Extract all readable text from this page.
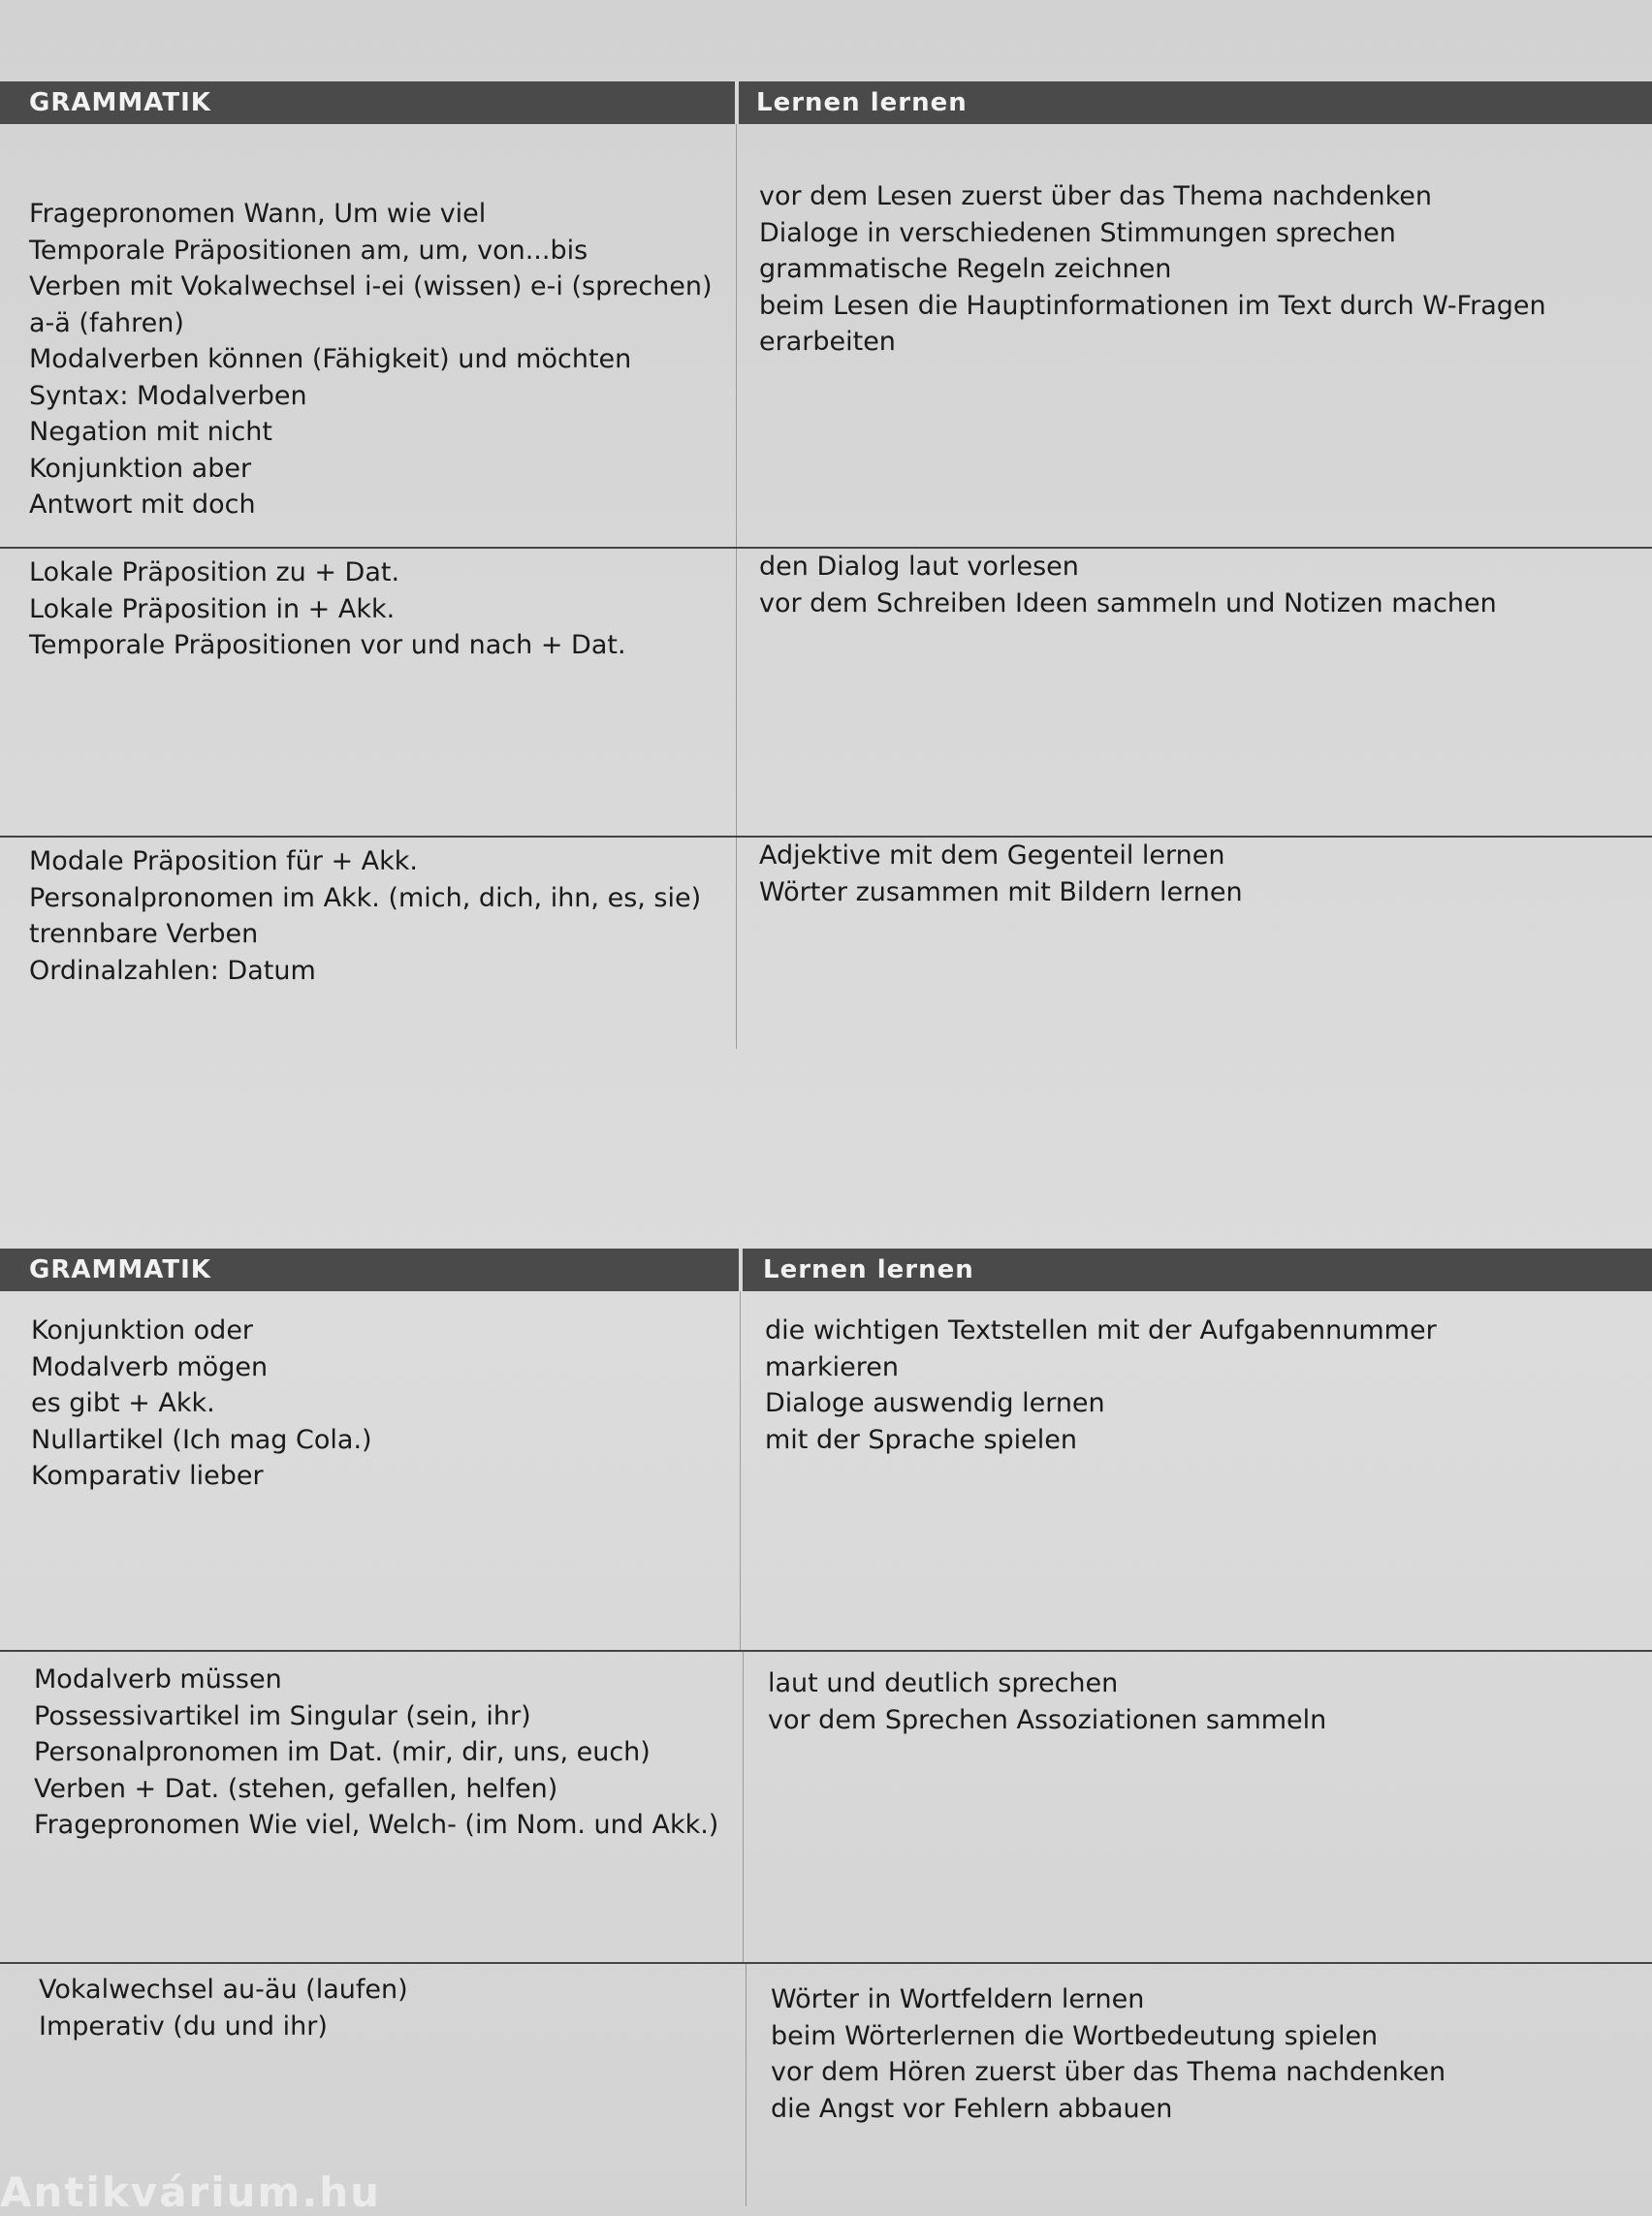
GRAMMATIK	Lernen lernen
Fragepronomen Wann, Um wie viel
Temporale Präpositionen am, um, von...bis
Verben mit Vokalwechsel i-ei (wissen) e-i (sprechen)
a-ä (fahren)
Modalverben können (Fähigkeit) und möchten
Syntax: Modalverben
Negation mit nicht
Konjunktion aber
Antwort mit doch
vor dem Lesen zuerst über das Thema nachdenken
Dialoge in verschiedenen Stimmungen sprechen
grammatische Regeln zeichnen
beim Lesen die Hauptinformationen im Text durch W-Fragen
erarbeiten
Lokale Präposition zu + Dat.
Lokale Präposition in + Akk.
Temporale Präpositionen vor und nach + Dat.
den Dialog laut vorlesen
vor dem Schreiben Ideen sammeln und Notizen machen
Modale Präposition für + Akk.
Personalpronomen im Akk. (mich, dich, ihn, es, sie)
trennbare Verben
Ordinalzahlen: Datum
Adjektive mit dem Gegenteil lernen
Wörter zusammen mit Bildern lernen
GRAMMATIK	Lernen lernen
Konjunktion oder
Modalverb mögen
es gibt + Akk.
Nullartikel (Ich mag Cola.)
Komparativ lieber
die wichtigen Textstellen mit der Aufgabennummer
markieren
Dialoge auswendig lernen
mit der Sprache spielen
Modalverb müssen
Possessivartikel im Singular (sein, ihr)
Personalpronomen im Dat. (mir, dir, uns, euch)
Verben + Dat. (stehen, gefallen, helfen)
Fragepronomen Wie viel, Welch- (im Nom. und Akk.)
laut und deutlich sprechen
vor dem Sprechen Assoziationen sammeln
Vokalwechsel au-äu (laufen)
Imperativ (du und ihr)
Wörter in Wortfeldern lernen
beim Wörterlernen die Wortbedeutung spielen
vor dem Hören zuerst über das Thema nachdenken
die Angst vor Fehlern abbauen
Antikvárium.hu
